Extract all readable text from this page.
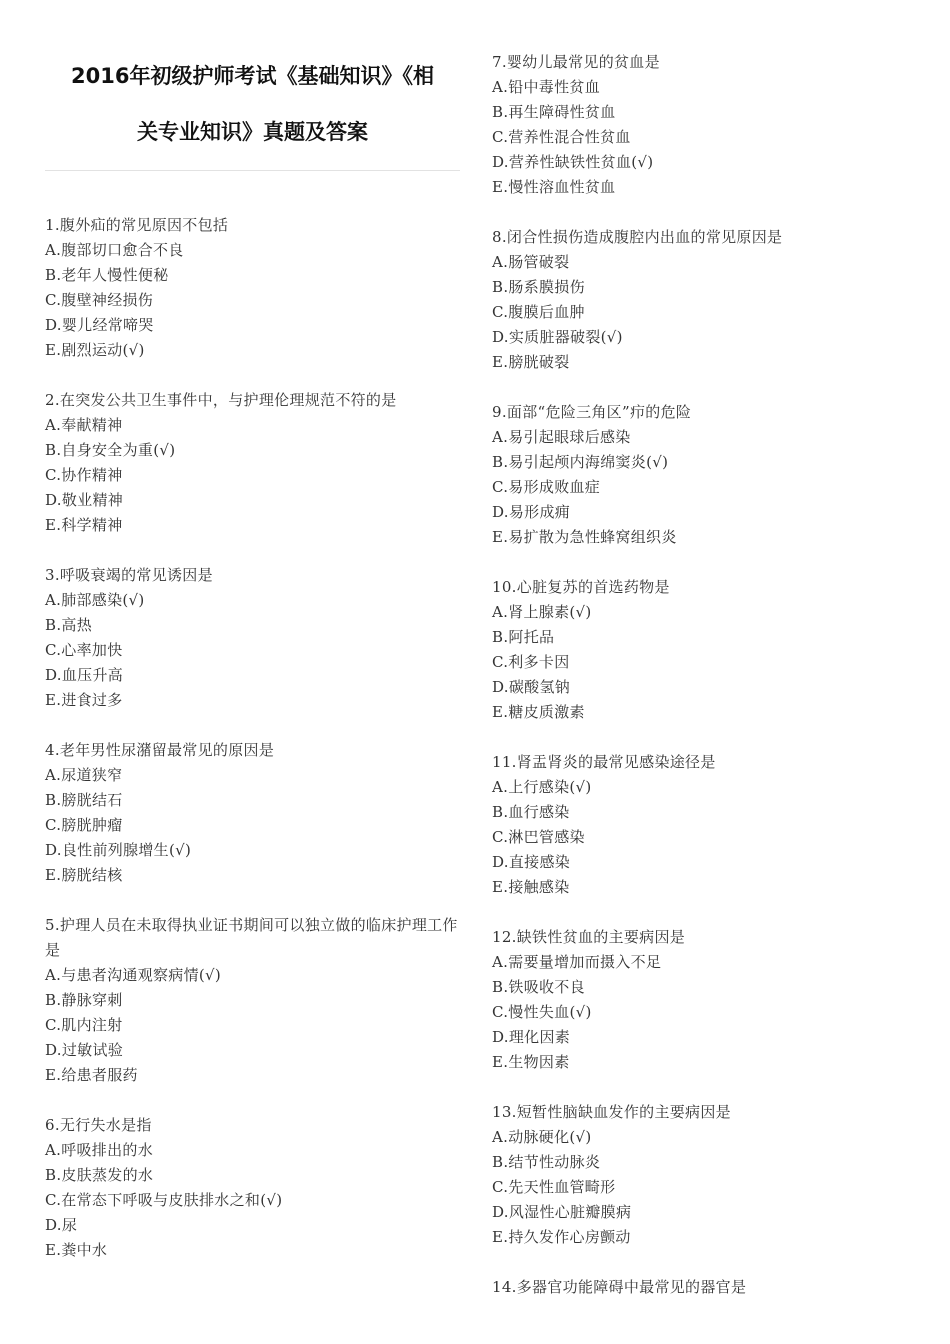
2016年初级护师考试《基础知识》《相
关专业知识》真题及答案

1.腹外疝的常见原因不包括

A.腹部切口愈合不良

B.老年人慢性便秘

C.腹壁神经损伤

D.婴儿经常啼哭

E.剧烈运动(√)

2.在突发公共卫生事件中，与护理伦理规范不符的是

A.奉献精神

B.自身安全为重(√)

C.协作精神

D.敬业精神

E.科学精神

3.呼吸衰竭的常见诱因是

A.肺部感染(√)

B.高热

C.心率加快

D.血压升高

E.进食过多

4.老年男性尿潴留最常见的原因是

A.尿道狭窄

B.膀胱结石

C.膀胱肿瘤

D.良性前列腺增生(√)

E.膀胱结核

5.护理人员在未取得执业证书期间可以独立做的临床护理工作是

A.与患者沟通观察病情(√)

B.静脉穿刺

C.肌内注射

D.过敏试验

E.给患者服药

6.无行失水是指

A.呼吸排出的水

B.皮肤蒸发的水

C.在常态下呼吸与皮肤排水之和(√)

D.尿

E.粪中水

7.婴幼儿最常见的贫血是

A.铅中毒性贫血

B.再生障碍性贫血

C.营养性混合性贫血

D.营养性缺铁性贫血(√)

E.慢性溶血性贫血

8.闭合性损伤造成腹腔内出血的常见原因是

A.肠管破裂

B.肠系膜损伤

C.腹膜后血肿

D.实质脏器破裂(√)

E.膀胱破裂

9.面部“危险三角区”疖的危险

A.易引起眼球后感染

B.易引起颅内海绵窦炎(√)

C.易形成败血症

D.易形成痈

E.易扩散为急性蜂窝组织炎

10.心脏复苏的首选药物是

A.肾上腺素(√)

B.阿托品

C.利多卡因

D.碳酸氢钠

E.糖皮质激素

11.肾盂肾炎的最常见感染途径是

A.上行感染(√)

B.血行感染

C.淋巴管感染

D.直接感染

E.接触感染

12.缺铁性贫血的主要病因是

A.需要量增加而摄入不足

B.铁吸收不良

C.慢性失血(√)

D.理化因素

E.生物因素

13.短暂性脑缺血发作的主要病因是

A.动脉硬化(√)

B.结节性动脉炎

C.先天性血管畸形

D.风湿性心脏瓣膜病

E.持久发作心房颤动

14.多器官功能障碍中最常见的器官是
